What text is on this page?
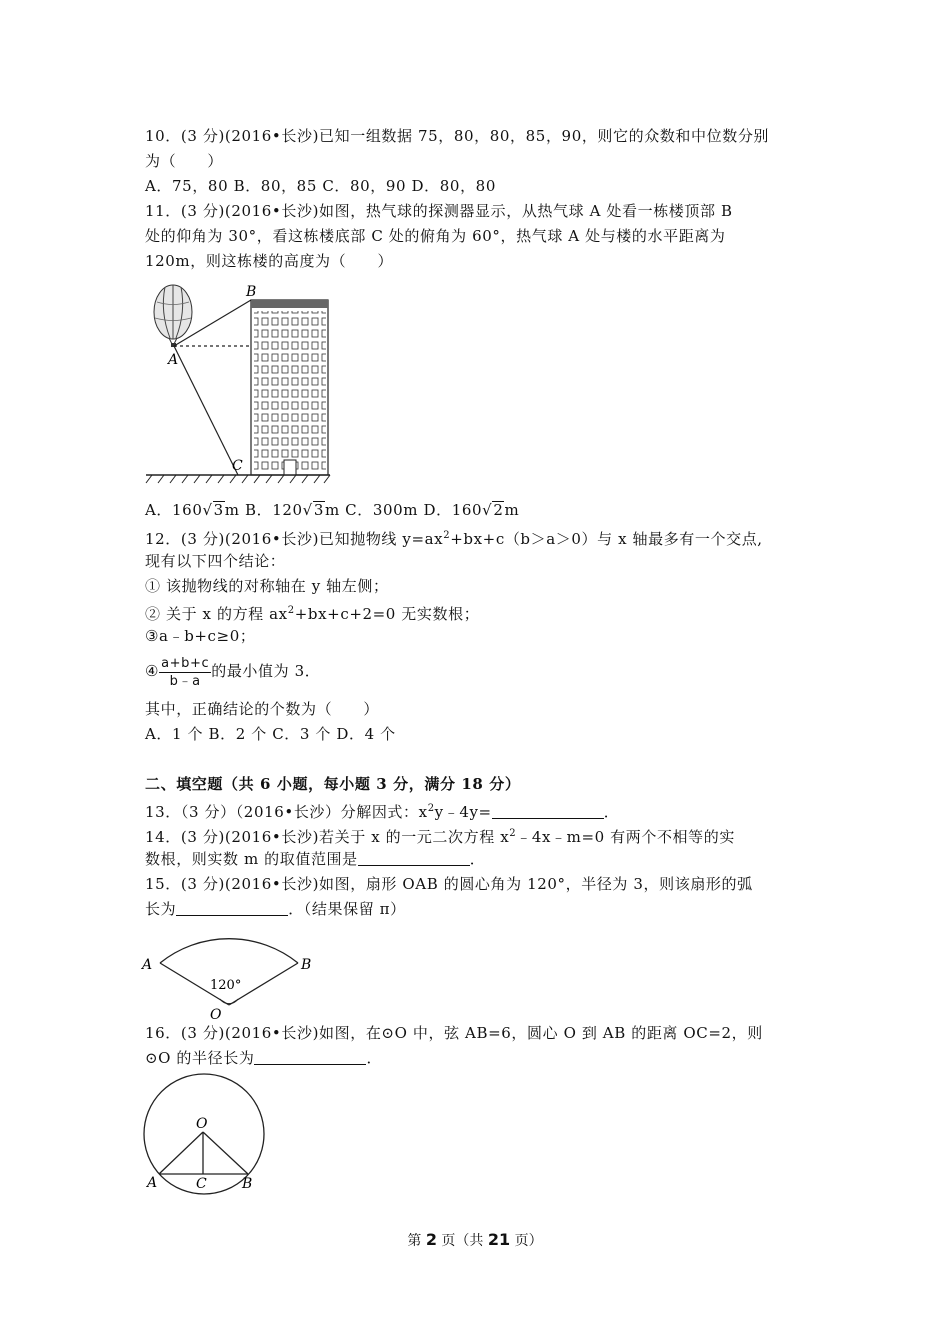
10．(3 分)(2016•长沙)已知一组数据 75，80，80，85，90，则它的众数和中位数分别
为（　　）
A．75，80 B．80，85 C．80，90 D．80，80
11．(3 分)(2016•长沙)如图，热气球的探测器显示，从热气球 A 处看一栋楼顶部 B
处的仰角为 30°，看这栋楼底部 C 处的俯角为 60°，热气球 A 处与楼的水平距离为
120m，则这栋楼的高度为（　　）
A
B
C
A．160√3m B．120√3m C．300m D．160√2m
12．(3 分)(2016•长沙)已知抛物线 $y=ax^2+bx+c(b>a>0)$与 x 轴最多有一个交点,
现有以下四个结论：
① 该抛物线的对称轴在 y 轴左侧；
② 关于 x 的方程 $ax^2+bx+c+2=0$ 无实数根；
③a﹣b+c≥0；
④ $\frac{a+b+c}{b﹣a}$ 的最小值为 3．
其中，正确结论的个数为（　　）
A．1 个 B．2 个 C．3 个 D．4 个
二、填空题（共 6 小题，每小题 3 分，满分 18 分）
13．（3 分）（2016•长沙）分解因式：$x^2y﹣4y=$	．
14．(3 分)(2016•长沙)若关于 x 的一元二次方程 $x^2﹣4x﹣m=0$ 有两个不相等的实
数根，则实数 m 的取值范围是	．
15．(3 分)(2016•长沙)如图，扇形 OAB 的圆心角为 120°，半径为 3，则该扇形的弧
长为	．（结果保留 π）
A	B
O
120°
16．(3 分)(2016•长沙)如图，在⊙O 中，弦 AB=6，圆心 O 到 AB 的距离 OC=2，则
⊙O 的半径长为	．
O
A	B
C
第 2 页（共 21 页）
